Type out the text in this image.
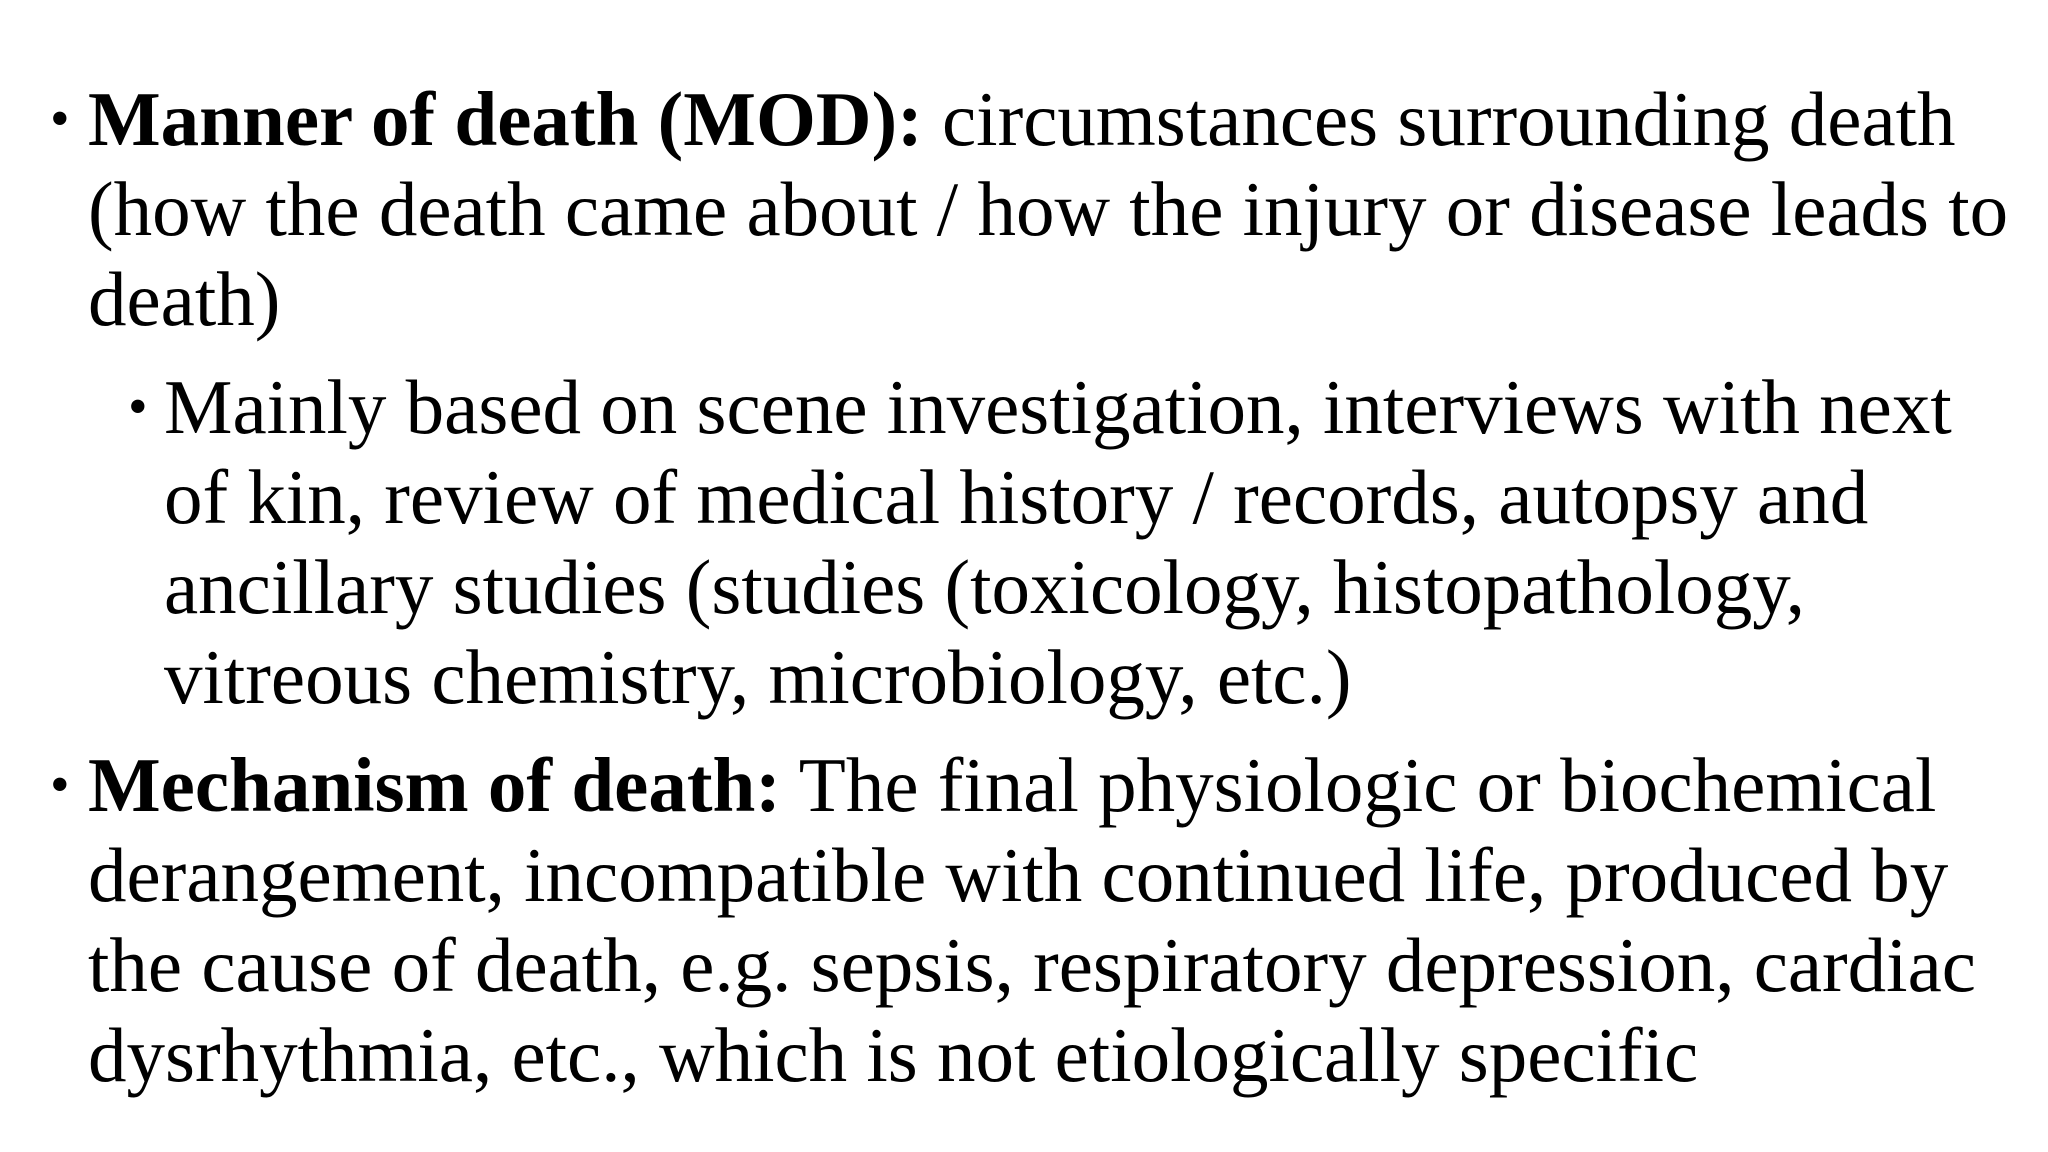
• Manner of death (MOD): circumstances surrounding death (how the death came about / how the injury or disease leads to death)
• Mainly based on scene investigation, interviews with next of kin, review of medical history / records, autopsy and ancillary studies (studies (toxicology, histopathology, vitreous chemistry, microbiology, etc.)
• Mechanism of death: The final physiologic or biochemical derangement, incompatible with continued life, produced by the cause of death, e.g. sepsis, respiratory depression, cardiac dysrhythmia, etc., which is not etiologically specific
